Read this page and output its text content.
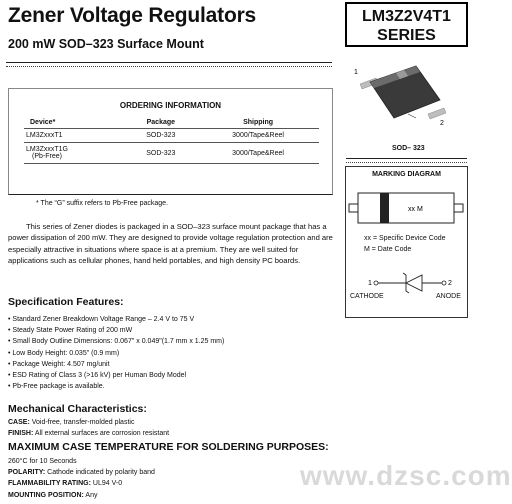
Zener Voltage Regulators
200 mW SOD–323 Surface Mount
LM3Z2V4T1
SERIES
ORDERING INFORMATION
Device*	Package	Shipping
LM3ZxxxT1	SOD-323	3000/Tape&Reel

LM3ZxxxT1G
(Pb-Free)	SOD-323	3000/Tape&Reel
* The “G” suffix refers to Pb-Free package.
This series of Zener diodes is packaged in a SOD–323 surface mount package that has a power dissipation of 200 mW. They are designed to provide voltage regulation protection and are especially attractive in situations where space is at a premium. They are well suited for applications such as cellular phones, hand held portables, and high density PC boards.
Specification Features:
• Standard Zener Breakdown Voltage Range – 2.4 V to 75 V
• Steady State Power Rating of 200 mW
• Small Body Outline Dimensions: 0.067" x 0.049"(1.7 mm x 1.25 mm)
• Low Body Height: 0.035" (0.9 mm)
• Package Weight: 4.507 mg/unit
• ESD Rating of Class 3 (>16 kV) per Human Body Model
• Pb-Free package is available.
Mechanical Characteristics:
CASE: Void-free, transfer-molded plastic
FINISH: All external surfaces are corrosion resistant
MAXIMUM CASE TEMPERATURE FOR SOLDERING PURPOSES:
260°C for 10 Seconds
POLARITY: Cathode indicated by polarity band
FLAMMABILITY RATING: UL94 V-0
MOUNTING POSITION: Any
www.dzsc.com
1
2
SOD– 323
MARKING DIAGRAM
xx M
1	2
xx = Specific Device Code
M = Date Code
CATHODE	ANODE
